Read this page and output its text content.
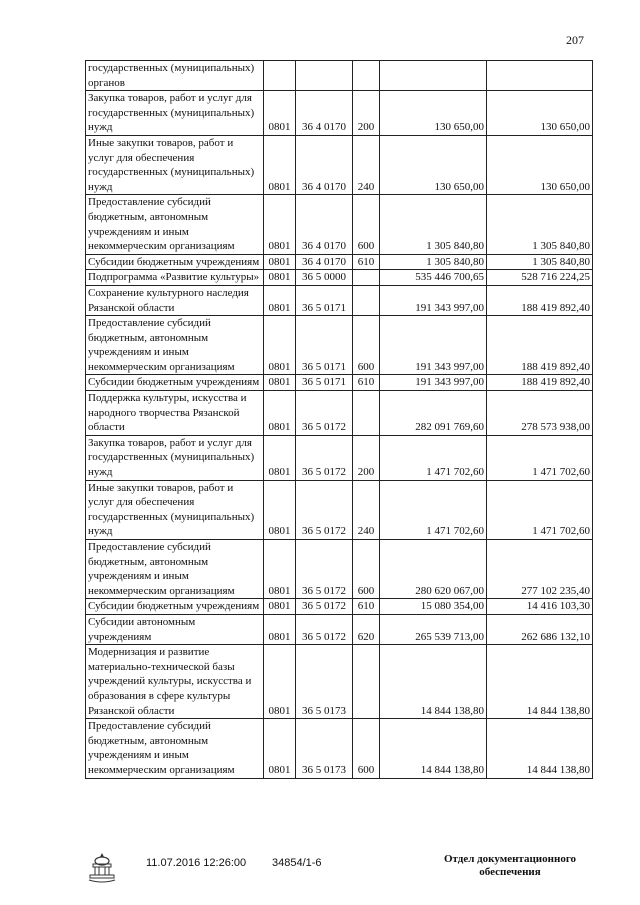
207
государственных (муниципальных) органов					
Закупка товаров, работ и услуг для государственных (муниципальных) нужд	0801	36 4 0170	200	130 650,00	130 650,00
Иные закупки товаров, работ и услуг для обеспечения государственных (муниципальных) нужд	0801	36 4 0170	240	130 650,00	130 650,00
Предоставление субсидий бюджетным, автономным учреждениям и иным некоммерческим организациям	0801	36 4 0170	600	1 305 840,80	1 305 840,80
Субсидии бюджетным учреждениям	0801	36 4 0170	610	1 305 840,80	1 305 840,80
Подпрограмма «Развитие культуры»	0801	36 5 0000		535 446 700,65	528 716 224,25
Сохранение культурного наследия Рязанской области	0801	36 5 0171		191 343 997,00	188 419 892,40
Предоставление субсидий бюджетным, автономным учреждениям и иным некоммерческим организациям	0801	36 5 0171	600	191 343 997,00	188 419 892,40
Субсидии бюджетным учреждениям	0801	36 5 0171	610	191 343 997,00	188 419 892,40
Поддержка культуры, искусства и народного творчества Рязанской области	0801	36 5 0172		282 091 769,60	278 573 938,00
Закупка товаров, работ и услуг для государственных (муниципальных) нужд	0801	36 5 0172	200	1 471 702,60	1 471 702,60
Иные закупки товаров, работ и услуг для обеспечения государственных (муниципальных) нужд	0801	36 5 0172	240	1 471 702,60	1 471 702,60
Предоставление субсидий бюджетным, автономным учреждениям и иным некоммерческим организациям	0801	36 5 0172	600	280 620 067,00	277 102 235,40
Субсидии бюджетным учреждениям	0801	36 5 0172	610	15 080 354,00	14 416 103,30
Субсидии автономным учреждениям	0801	36 5 0172	620	265 539 713,00	262 686 132,10
Модернизация и развитие материально-технической базы учреждений культуры, искусства и образования в сфере культуры Рязанской области	0801	36 5 0173		14 844 138,80	14 844 138,80
Предоставление субсидий бюджетным, автономным учреждениям и иным некоммерческим организациям	0801	36 5 0173	600	14 844 138,80	14 844 138,80
11.07.2016 12:26:00 34854/1-6	Отдел документационного
обеспечения
